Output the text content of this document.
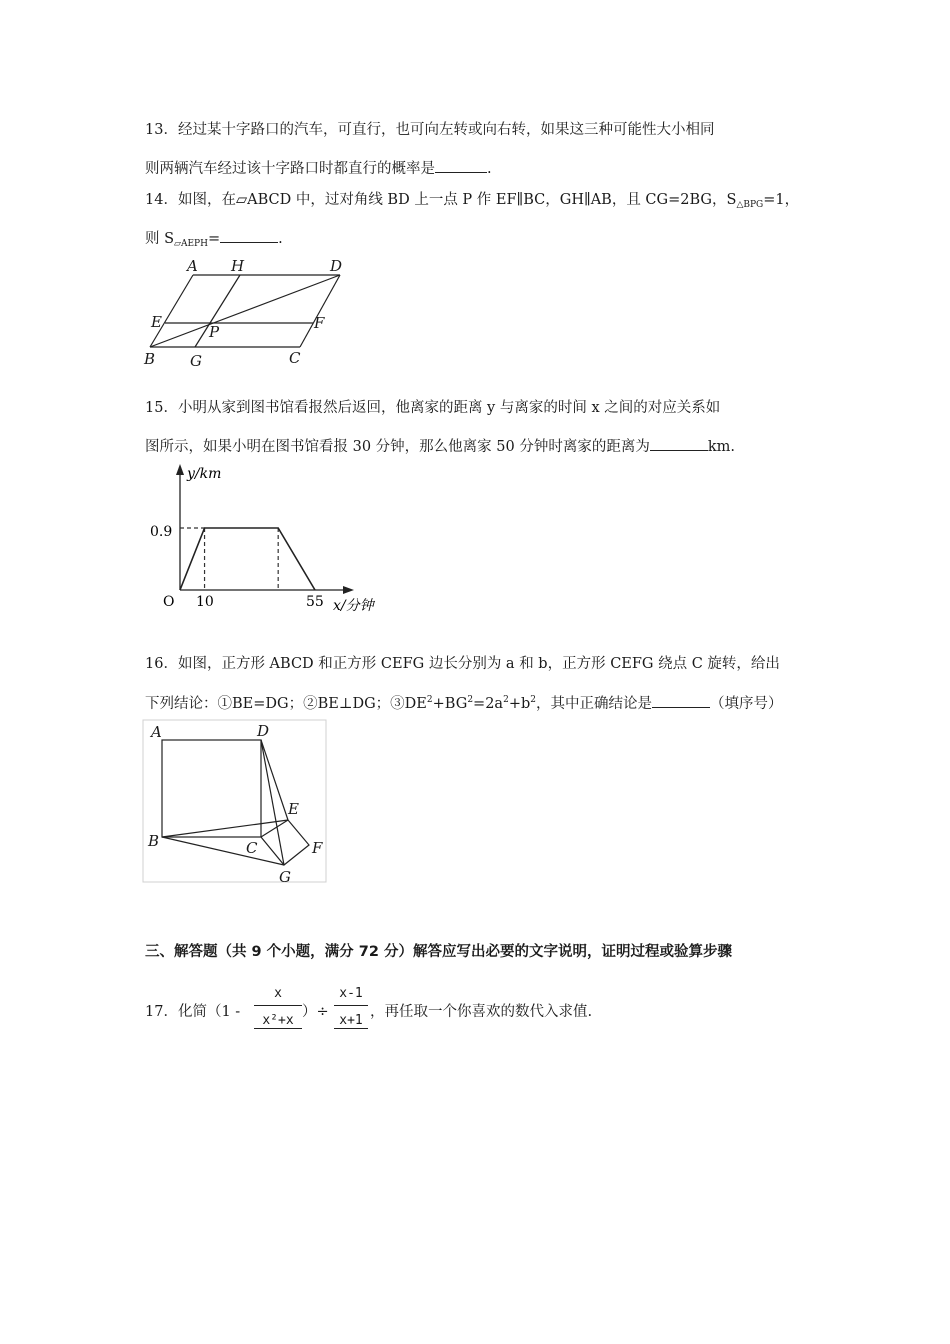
13．经过某十字路口的汽车，可直行，也可向左转或向右转，如果这三种可能性大小相同
则两辆汽车经过该十字路口时都直行的概率是	.
14．如图，在▱ABCD 中，过对角线 BD 上一点 P 作 EF∥BC，GH∥AB，且 CG=2BG，$S_{\triangle BPG}=1$，
则 $S_{▱AEPH}=$	.
A H	D
E
P	F
B G	C
15．小明从家到图书馆看报然后返回，他离家的距离 y 与离家的时间 x 之间的对应关系如
图所示，如果小明在图书馆看报 30 分钟，那么他离家 50 分钟时离家的距离为	km.
y/km
0.9
O 10	55 x/分钟
16．如图，正方形 ABCD 和正方形 CEFG 边长分别为 a 和 b，正方形 CEFG 绕点 C 旋转，给出
下列结论：①BE=DG；②BE⊥DG；$③DE^2+BG^2=2a^2+b^2$，其中正确结论是	（填序号）
A	D
E
B	C	F
G
三、解答题（共 9 个小题，满分 72 分）解答应写出必要的文字说明，证明过程或验算步骤
17．化简（1 -
x
x²+x
）÷
x-1
x+1
，再任取一个你喜欢的数代入求值.
